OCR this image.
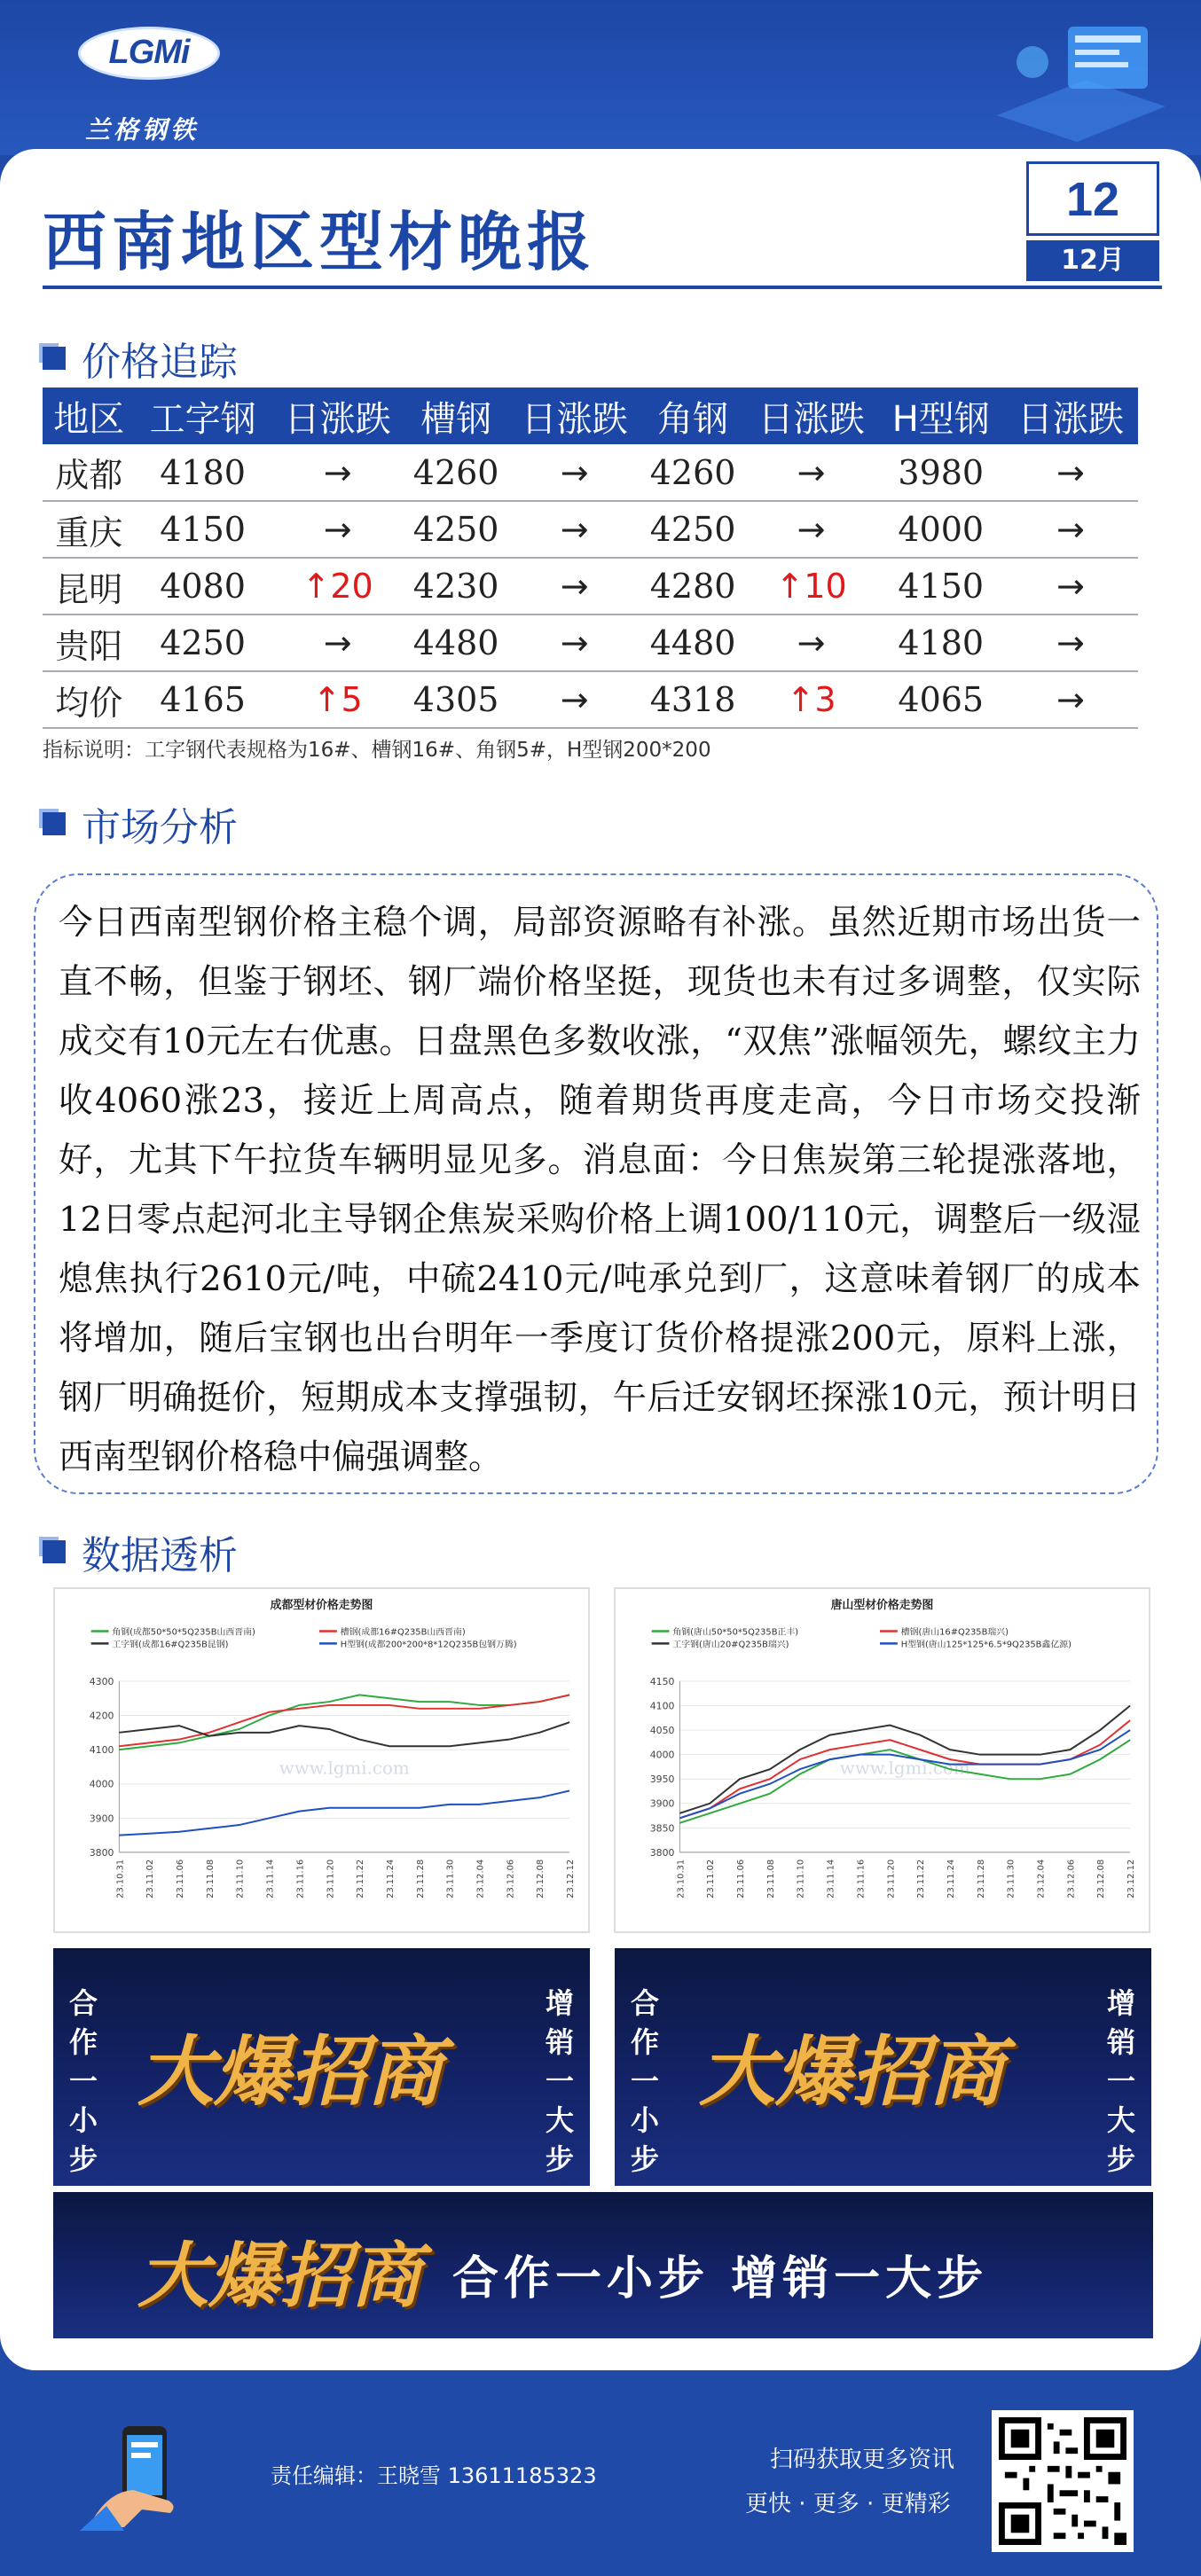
LGMi
兰格钢铁
西南地区型材晚报
12
12月
价格追踪
地区	工字钢	日涨跌	槽钢	日涨跌	角钢	日涨跌	H型钢	日涨跌
成都	4180	→	4260	→	4260	→	3980	→
重庆	4150	→	4250	→	4250	→	4000	→
昆明	4080	↑20	4230	→	4280	↑10	4150	→
贵阳	4250	→	4480	→	4480	→	4180	→
均价	4165	↑5	4305	→	4318	↑3	4065	→
指标说明：工字钢代表规格为16#、槽钢16#、角钢5#，H型钢200*200
市场分析
今日西南型钢价格主稳个调，局部资源略有补涨。虽然近期市场出货一直不畅，但鉴于钢坯、钢厂端价格坚挺，现货也未有过多调整，仅实际成交有10元左右优惠。日盘黑色多数收涨，“双焦”涨幅领先，螺纹主力收4060涨23，接近上周高点，随着期货再度走高，今日市场交投渐好，尤其下午拉货车辆明显见多。消息面：今日焦炭第三轮提涨落地，12日零点起河北主导钢企焦炭采购价格上调100/110元，调整后一级湿熄焦执行2610元/吨，中硫2410元/吨承兑到厂，这意味着钢厂的成本将增加，随后宝钢也出台明年一季度订货价格提涨200元，原料上涨，钢厂明确挺价，短期成本支撑强韧，午后迁安钢坯探涨10元，预计明日西南型钢价格稳中偏强调整。
数据透析
成都型材价格走势图
角钢(成都50*50*5Q235B山西晋南)	槽钢(成都16#Q235B山西晋南)
工字钢(成都16#Q235B昆钢)	H型钢(成都200*200*8*12Q235B包钢万腾)
3800
3900
4000
4100
4200
4300
www.lgmi.com
23.10.31 23.11.02 23.11.06 23.11.08 23.11.10 23.11.14 23.11.16 23.11.20 23.11.22 23.11.24 23.11.28 23.11.30 23.12.04 23.12.06 23.12.08 23.12.12
唐山型材价格走势图
角钢(唐山50*50*5Q235B正丰)	槽钢(唐山16#Q235B瑞兴)
工字钢(唐山20#Q235B瑞兴)	H型钢(唐山125*125*6.5*9Q235B鑫亿源)
3800
3850
3900
3950
4000
4050
4100
4150
www.lgmi.com
23.10.31 23.11.02 23.11.06 23.11.08 23.11.10 23.11.14 23.11.16 23.11.20 23.11.22 23.11.24 23.11.28 23.11.30 23.12.04 23.12.06 23.12.08 23.12.12
合作一小步
大爆招商
增销一大步
合作一小步
大爆招商
增销一大步
大爆招商 合作一小步 增销一大步
责任编辑：王晓雪 13611185323
扫码获取更多资讯
更快 · 更多 · 更精彩
